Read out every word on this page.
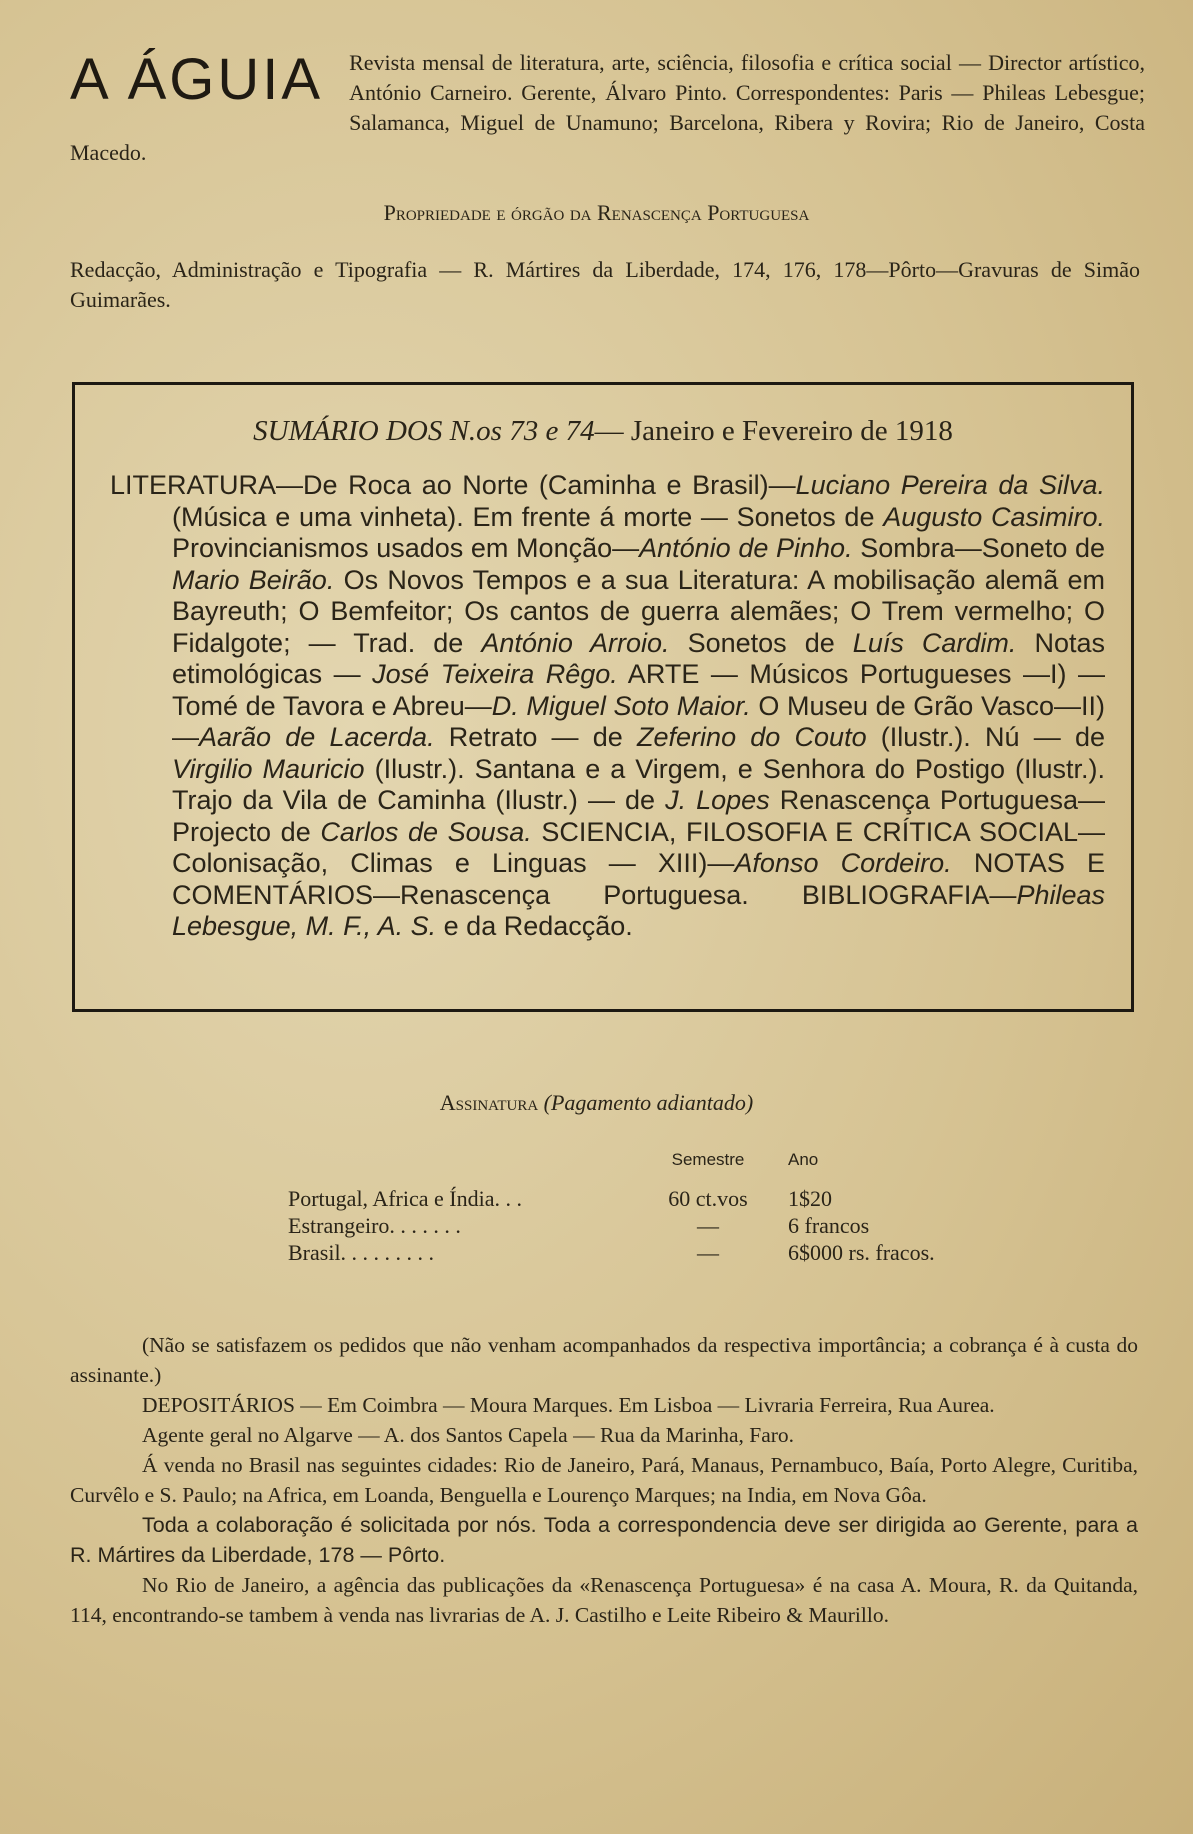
A ÁGUIA	Revista mensal de literatura, arte, sciência, filosofia e crítica social — Director artístico, António Carneiro. Gerente, Álvaro Pinto. Correspondentes: Paris — Phileas Lebesgue; Salamanca, Miguel de Unamuno; Barcelona, Ribera y Rovira; Rio de Janeiro, Costa Macedo.

Propriedade e órgão da Renascença Portuguesa
Redacção, Administração e Tipografia — R. Mártires da Liberdade, 174, 176, 178—Pôrto—Gravuras de Simão Guimarães.
SUMÁRIO DOS N.os 73 e 74— Janeiro e Fevereiro de 1918
LITERATURA—De Roca ao Norte (Caminha e Brasil)—Luciano Pereira da Silva. (Música e uma vinheta). Em frente á morte — Sonetos de Augusto Casimiro. Provincianismos usados em Monção—António de Pinho. Sombra—Soneto de Mario Beirão. Os Novos Tempos e a sua Literatura: A mobilisação alemã em Bayreuth; O Bemfeitor; Os cantos de guerra alemães; O Trem vermelho; O Fidalgote; — Trad. de António Arroio. Sonetos de Luís Cardim. Notas etimológicas — José Teixeira Rêgo. ARTE — Músicos Portugueses —I) — Tomé de Tavora e Abreu—D. Miguel Soto Maior. O Museu de Grão Vasco—II)—Aarão de Lacerda. Retrato — de Zeferino do Couto (Ilustr.). Nú — de Virgilio Mauricio (Ilustr.). Santana e a Virgem, e Senhora do Postigo (Ilustr.). Trajo da Vila de Caminha (Ilustr.) — de J. Lopes Renascença Portuguesa—Projecto de Carlos de Sousa. SCIENCIA, FILOSOFIA E CRÍTICA SOCIAL—Colonisação, Climas e Linguas — XIII)—Afonso Cordeiro. NOTAS E COMENTÁRIOS—Renascença Portuguesa. BIBLIOGRAFIA—Phileas Lebesgue, M. F., A. S. e da Redacção.
Assinatura (Pagamento adiantado)
	Semestre	Ano
Portugal, Africa e Índia. . .	60 ct.vos	1$20
Estrangeiro. . . . . . .	—	6 francos
Brasil. . . . . . . . .	—	6$000 rs. fracos.

(Não se satisfazem os pedidos que não venham acompanhados da respectiva importância; a cobrança é à custa do assinante.)

DEPOSITÁRIOS — Em Coimbra — Moura Marques. Em Lisboa — Livraria Ferreira, Rua Aurea.

Agente geral no Algarve — A. dos Santos Capela — Rua da Marinha, Faro.

Á venda no Brasil nas seguintes cidades: Rio de Janeiro, Pará, Manaus, Pernambuco, Baía, Porto Alegre, Curitiba, Curvêlo e S. Paulo; na Africa, em Loanda, Benguella e Lourenço Marques; na India, em Nova Gôa.

Toda a colaboração é solicitada por nós. Toda a correspondencia deve ser dirigida ao Gerente, para a R. Mártires da Liberdade, 178 — Pôrto.

No Rio de Janeiro, a agência das publicações da «Renascença Portuguesa» é na casa A. Moura, R. da Quitanda, 114, encontrando-se tambem à venda nas livrarias de A. J. Castilho e Leite Ribeiro & Maurillo.
